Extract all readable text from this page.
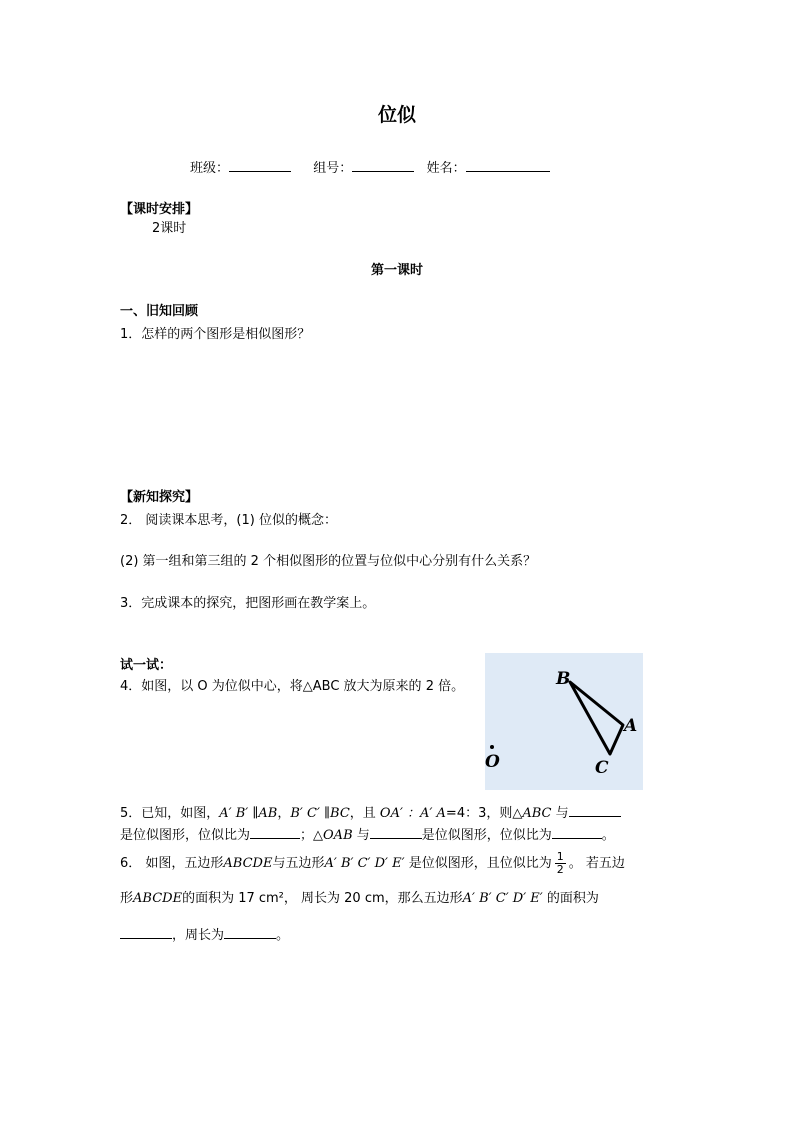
位似
班级：	组号：	姓名：
【课时安排】
2课时
第一课时
一、旧知回顾
1．怎样的两个图形是相似图形？
【新知探究】
2． 阅读课本思考，(1) 位似的概念：
(2) 第一组和第三组的 2 个相似图形的位置与位似中心分别有什么关系？
3．完成课本的探究，把图形画在教学案上。
试一试：
4．如图，以 O 为位似中心，将△ABC 放大为原来的 2 倍。	B
A
C
O
5．已知，如图，A′ B′ ∥AB，B′ C′ ∥BC，且 OA′ ：A′ A=4：3，则△ABC 与
是位似图形，位似比为	；△OAB 与	是位似图形，位似比为	。
6． 如图，五边形ABCDE与五边形A′ B′ C′ D′ E′ 是位似图形，且位似比为 $\frac{1}{2}$ 。 若五边
形ABCDE的面积为 17 cm²， 周长为 20 cm，那么五边形A′ B′ C′ D′ E′ 的面积为
，周长为	。
